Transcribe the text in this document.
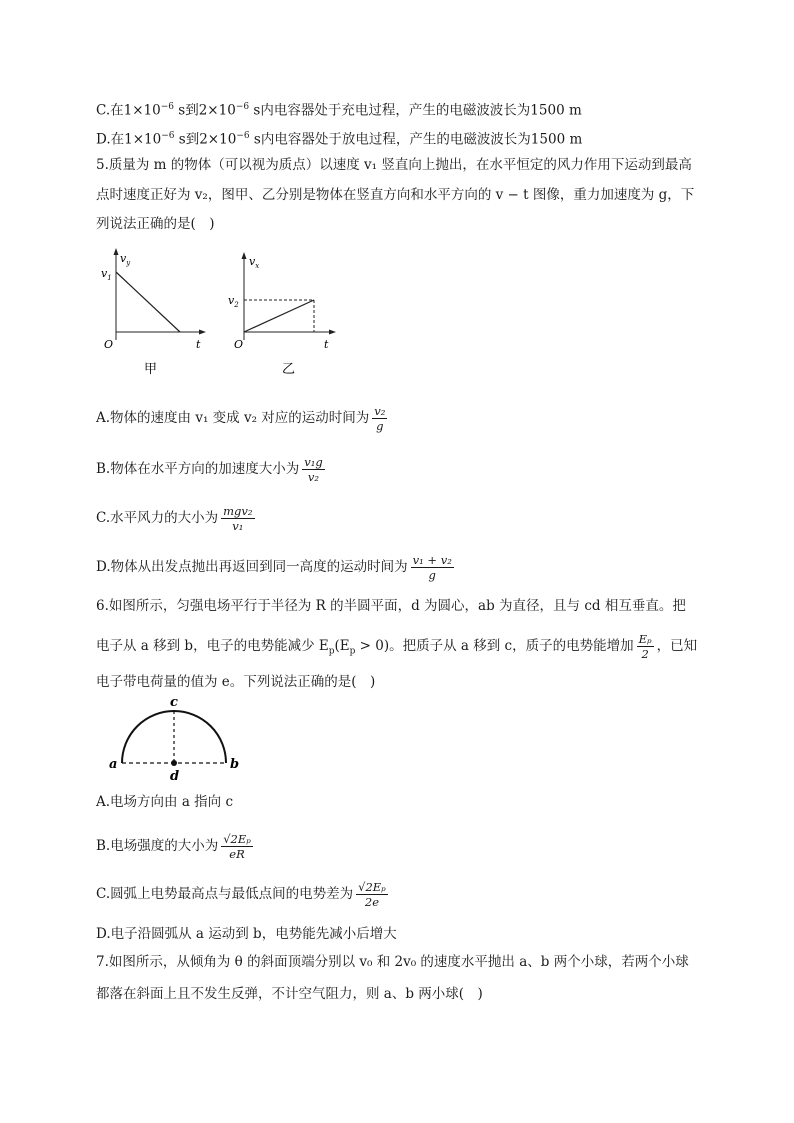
C.在$1\times 10^{-6}$ s到$2\times 10^{-6}$ s内电容器处于充电过程，产生的电磁波波长为1500 m
D.在$1\times 10^{-6}$ s到$2\times 10^{-6}$ s内电容器处于放电过程，产生的电磁波波长为1500 m
5.质量为 m 的物体（可以视为质点）以速度 v₁ 竖直向上抛出，在水平恒定的风力作用下运动到最高
点时速度正好为 v₂，图甲、乙分别是物体在竖直方向和水平方向的 v − t 图像，重力加速度为 g，下
列说法正确的是(　)
$v_y$
$v_1$
O	t
甲
$v_x$
$v_2$
O	t
乙
A.物体的速度由 v₁ 变成 v₂ 对应的运动时间为 $\frac{\text{v₂}}{g}$
B.物体在水平方向的加速度大小为 $\frac{\text{v₁g}}{\text{v₂}}$
C.水平风力的大小为 $\frac{\text{mgv₂}}{\text{v₁}}$
D.物体从出发点抛出再返回到同一高度的运动时间为 $\frac{\text{v₁ + v₂}}{g}$
6.如图所示，匀强电场平行于半径为 R 的半圆平面，d 为圆心，ab 为直径，且与 cd 相互垂直。把
电子从 a 移到 b，电子的电势能减少 $E_p(E_p > 0)$。把质子从 a 移到 c，质子的电势能增加 $\frac{\text{Eₚ}}{2}$ ，已知
电子带电荷量的值为 e。下列说法正确的是(　)
a	b
c
d
A.电场方向由 a 指向 c
B.电场强度的大小为 $\frac{\text{√2Eₚ}}{eR}$
C.圆弧上电势最高点与最低点间的电势差为 $\frac{\text{√2Eₚ}}{2e}$
D.电子沿圆弧从 a 运动到 b，电势能先减小后增大
7.如图所示，从倾角为 θ 的斜面顶端分别以 v₀ 和 2v₀ 的速度水平抛出 a、b 两个小球，若两个小球
都落在斜面上且不发生反弹，不计空气阻力，则 a、b 两小球(　)
